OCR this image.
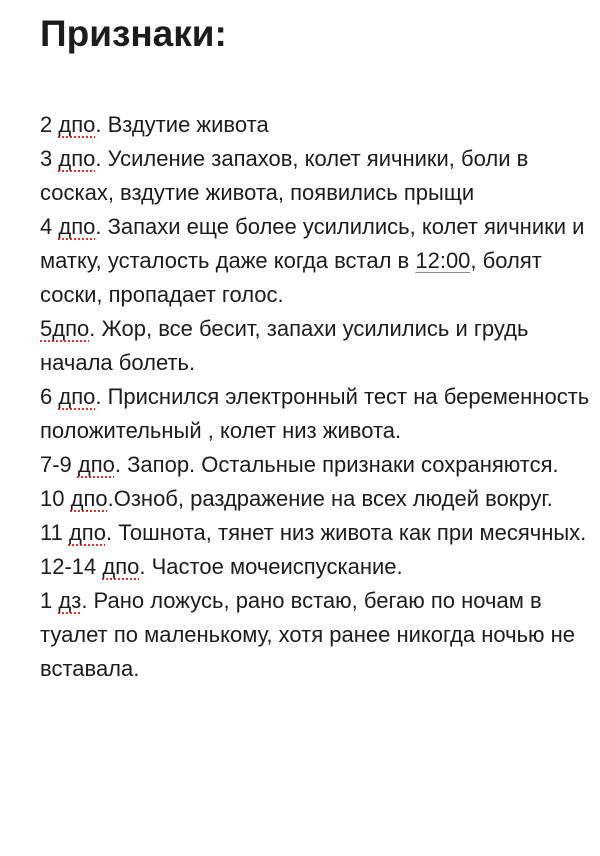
Признаки:
2 дпо. Вздутие живота
3 дпо. Усиление запахов, колет яичники, боли в сосках, вздутие живота, появились прыщи
4 дпо. Запахи еще более усилились, колет яичники и матку, усталость даже когда встал в 12:00, болят соски, пропадает голос.
5дпо. Жор, все бесит, запахи усилились и грудь начала болеть.
6 дпо. Приснился электронный тест на беременность положительный , колет низ живота.
7-9 дпо. Запор. Остальные признаки сохраняются.
10 дпо.Озноб, раздражение на всех людей вокруг.
11 дпо. Тошнота, тянет низ живота как при месячных.
12-14 дпо. Частое мочеиспускание.
1 дз. Рано ложусь, рано встаю, бегаю по ночам в туалет по маленькому, хотя ранее никогда ночью не вставала.
